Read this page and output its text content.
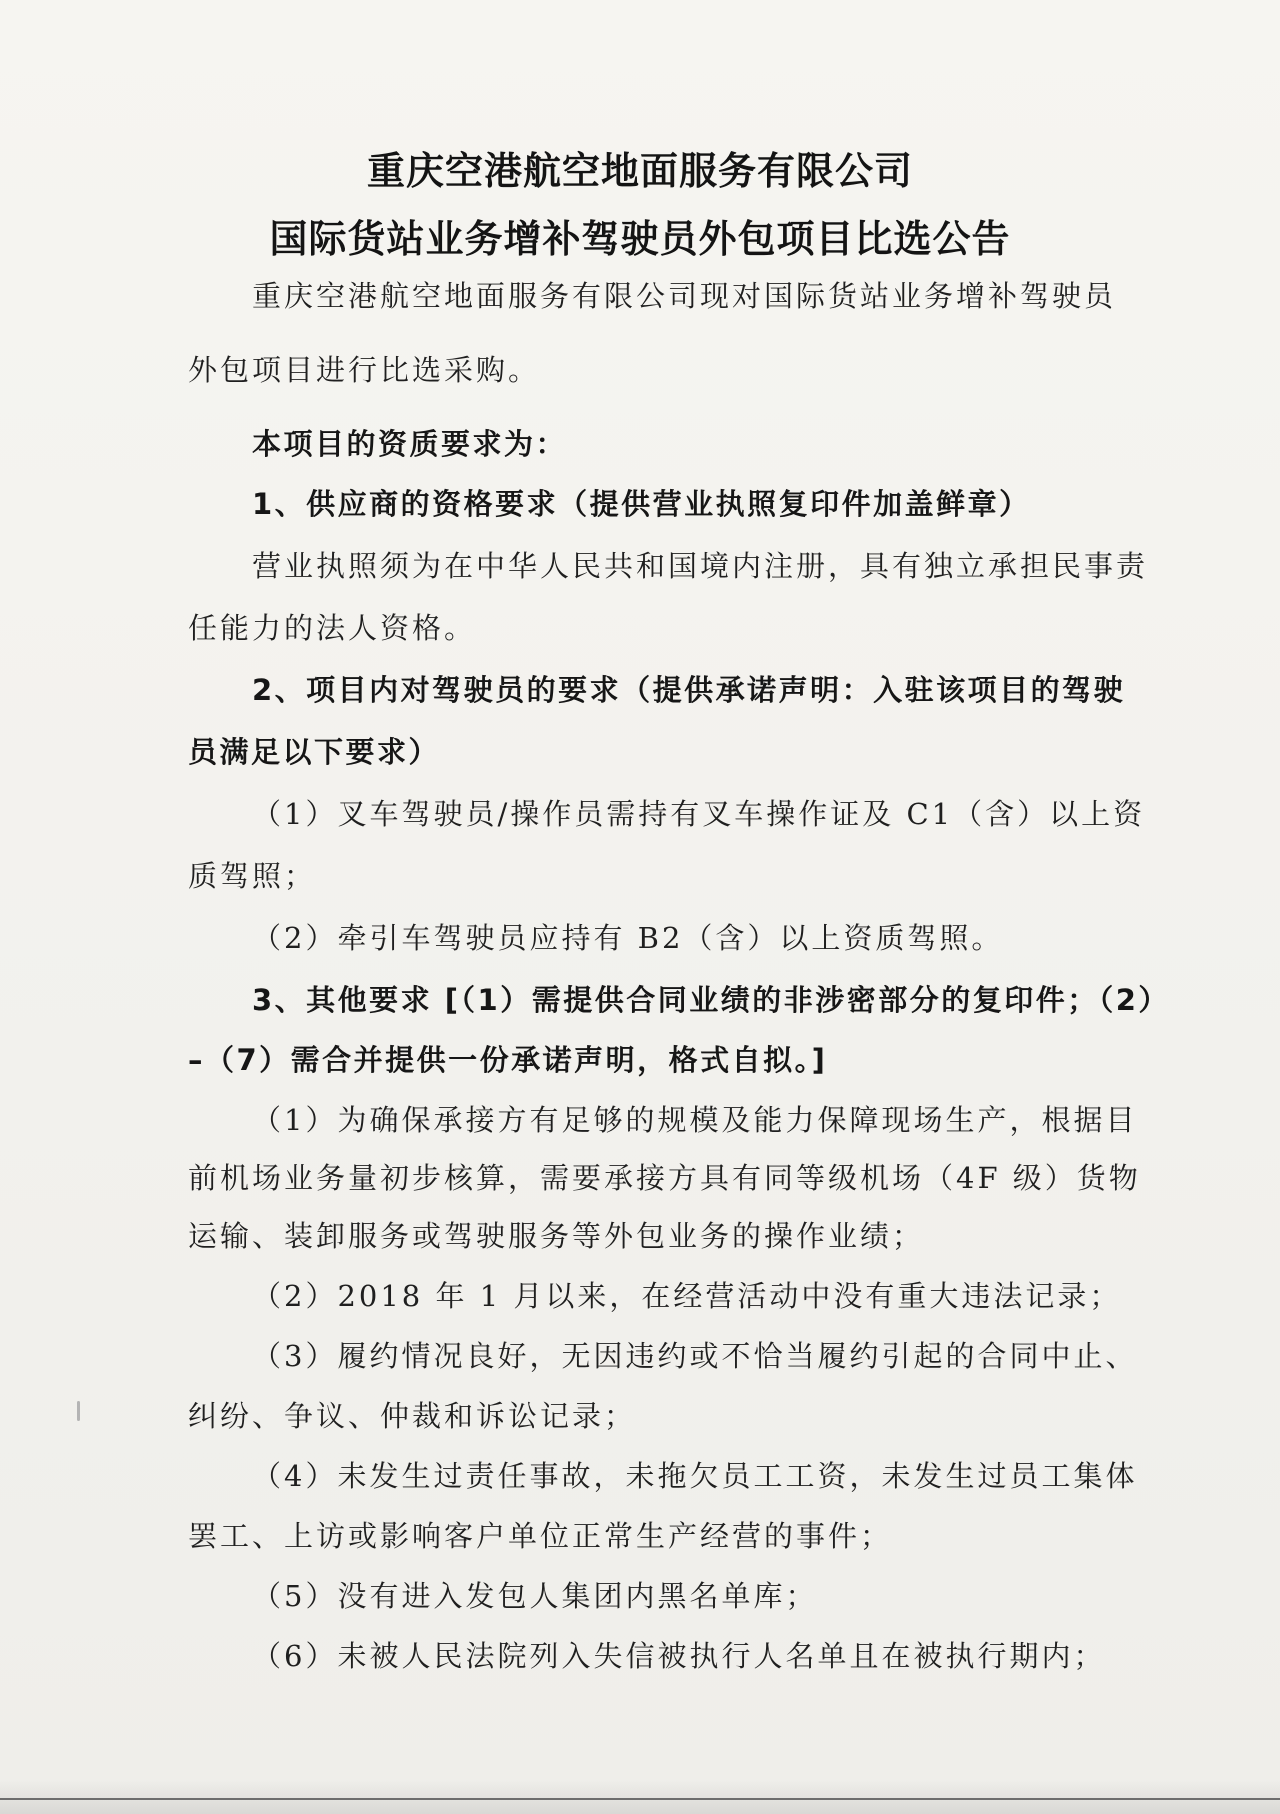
重庆空港航空地面服务有限公司
国际货站业务增补驾驶员外包项目比选公告
重庆空港航空地面服务有限公司现对国际货站业务增补驾驶员
外包项目进行比选采购。
本项目的资质要求为：
1、供应商的资格要求（提供营业执照复印件加盖鲜章）
营业执照须为在中华人民共和国境内注册，具有独立承担民事责
任能力的法人资格。
2、项目内对驾驶员的要求（提供承诺声明：入驻该项目的驾驶
员满足以下要求）
（1）叉车驾驶员/操作员需持有叉车操作证及 C1（含）以上资
质驾照；
（2）牵引车驾驶员应持有 B2（含）以上资质驾照。
3、其他要求 [（1）需提供合同业绩的非涉密部分的复印件；（2）
–（7）需合并提供一份承诺声明，格式自拟。]
（1）为确保承接方有足够的规模及能力保障现场生产，根据目
前机场业务量初步核算，需要承接方具有同等级机场（4F 级）货物
运输、装卸服务或驾驶服务等外包业务的操作业绩；
（2）2018 年 1 月以来，在经营活动中没有重大违法记录；
（3）履约情况良好，无因违约或不恰当履约引起的合同中止、
纠纷、争议、仲裁和诉讼记录；
（4）未发生过责任事故，未拖欠员工工资，未发生过员工集体
罢工、上访或影响客户单位正常生产经营的事件；
（5）没有进入发包人集团内黑名单库；
（6）未被人民法院列入失信被执行人名单且在被执行期内；
